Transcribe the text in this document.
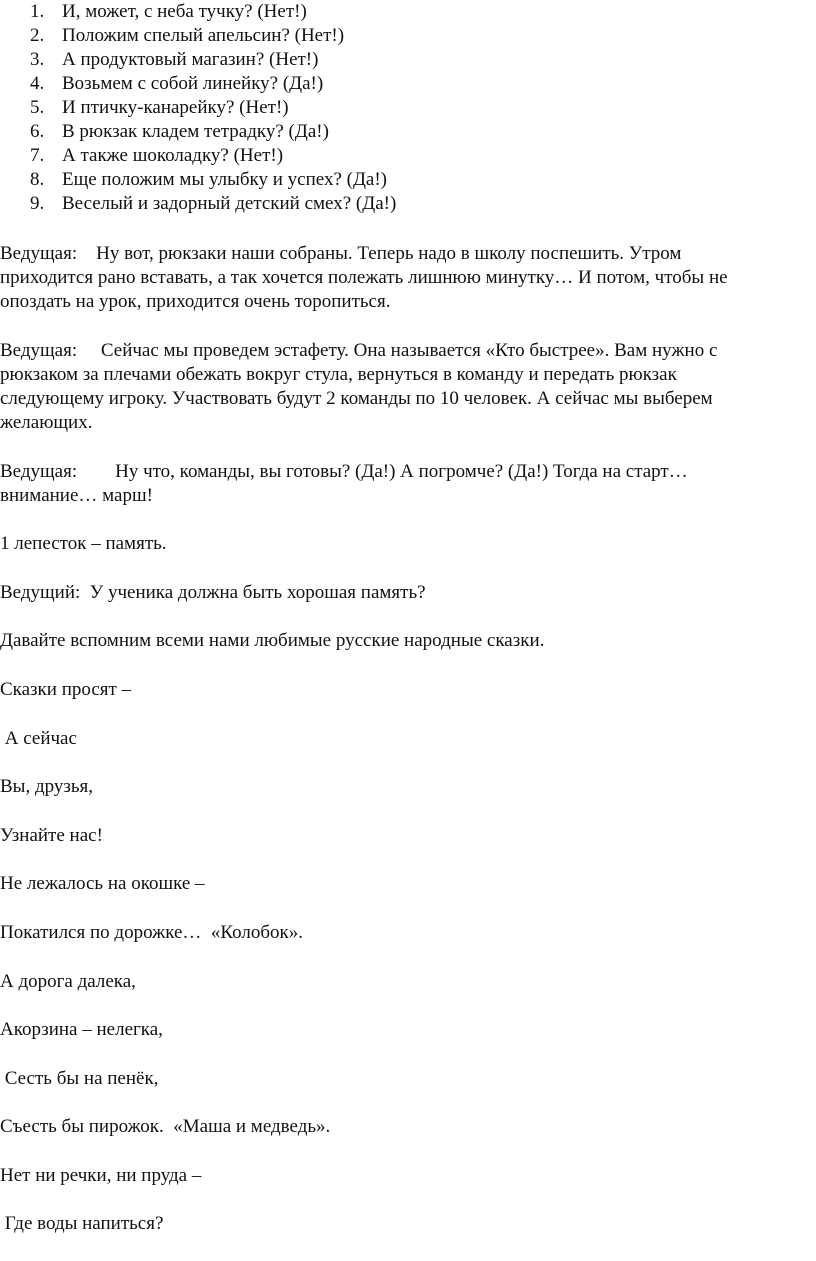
1. И, может, с неба тучку? (Нет!)
2. Положим спелый апельсин? (Нет!)
3. А продуктовый магазин? (Нет!)
4. Возьмем с собой линейку? (Да!)
5. И птичку-канарейку? (Нет!)
6. В рюкзак кладем тетрадку? (Да!)
7. А также шоколадку? (Нет!)
8. Еще положим мы улыбку и успех? (Да!)
9. Веселый и задорный детский смех? (Да!)

Ведущая:    Ну вот, рюкзаки наши собраны. Теперь надо в школу поспешить. Утром

приходится рано вставать, а так хочется полежать лишнюю минутку… И потом, чтобы не

опоздать на урок, приходится очень торопиться.

Ведущая:     Сейчас мы проведем эстафету. Она называется «Кто быстрее». Вам нужно с

рюкзаком за плечами обежать вокруг стула, вернуться в команду и передать рюкзак

следующему игроку. Участвовать будут 2 команды по 10 человек. А сейчас мы выберем

желающих.

Ведущая:        Ну что, команды, вы готовы? (Да!) А погромче? (Да!) Тогда на старт…

внимание… марш!

1 лепесток – память.

Ведущий:  У ученика должна быть хорошая память?

Давайте вспомним всеми нами любимые русские народные сказки.

Сказки просят –

А сейчас

Вы, друзья,

Узнайте нас!

Не лежалось на окошке –

Покатился по дорожке…  «Колобок».

А дорога далека,

Акорзина – нелегка,

Сесть бы на пенёк,

Съесть бы пирожок.  «Маша и медведь».

Нет ни речки, ни пруда –

Где воды напиться?
